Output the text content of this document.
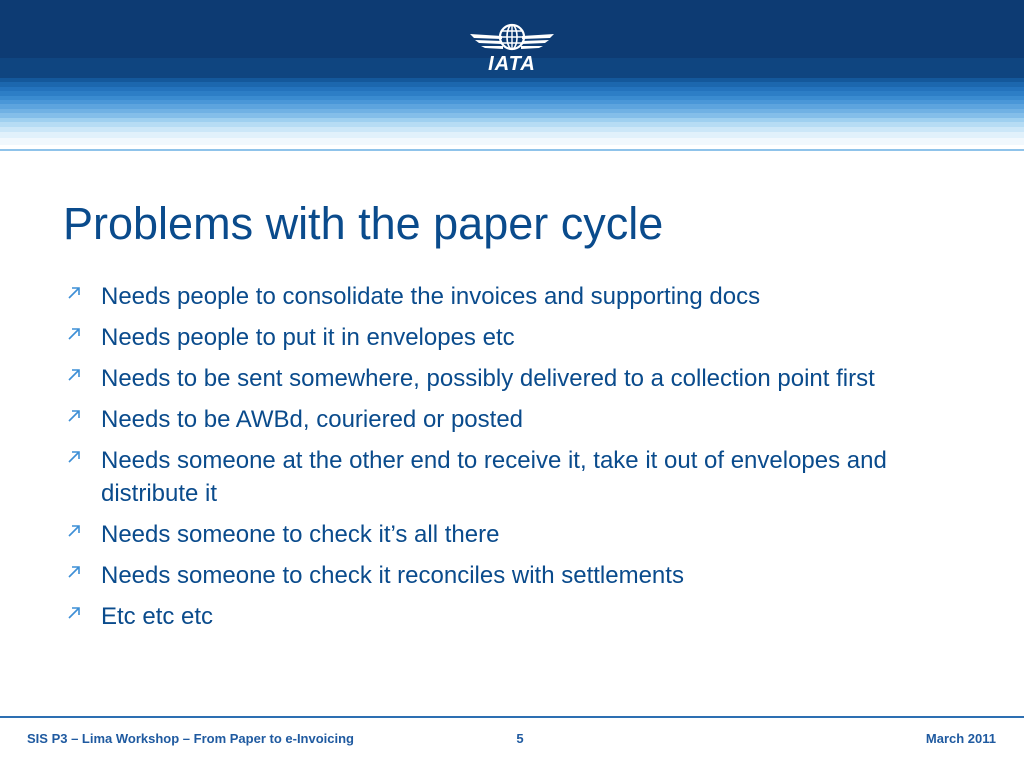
IATA
Problems with the paper cycle
Needs people to consolidate the invoices and supporting docs
Needs people to put it in envelopes etc
Needs to be sent somewhere, possibly delivered to a collection point first
Needs to be AWBd, couriered or posted
Needs someone at the other end to receive it, take it out of envelopes and distribute it
Needs someone to check it’s all there
Needs someone to check it reconciles with settlements
Etc etc etc
SIS P3 – Lima Workshop – From Paper to e-Invoicing	5	March 2011
